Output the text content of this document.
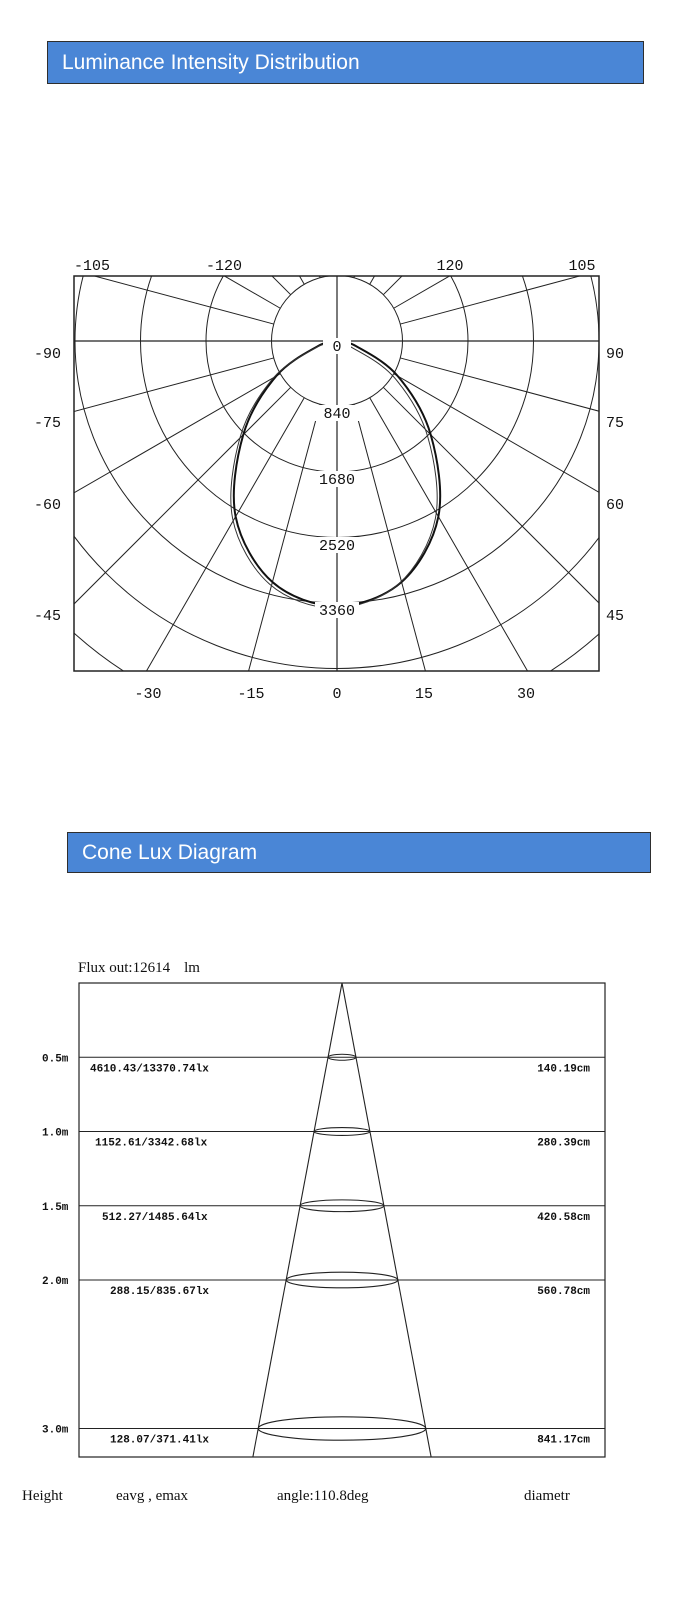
Luminance Intensity Distribution
0
840
1680
2520
3360
-105	-120	120	105
-90
-75
-60
-45
90
75
60
45
-30	-15	0	15	30
Cone Lux Diagram
Flux out:12614 lm
0.5m
4610.43/13370.74lx	140.19cm
1.0m
1152.61/3342.68lx	280.39cm
1.5m
512.27/1485.64lx	420.58cm
2.0m
288.15/835.67lx	560.78cm
3.0m
128.07/371.41lx	841.17cm
Height	eavg , emax	angle:110.8deg	diametr
